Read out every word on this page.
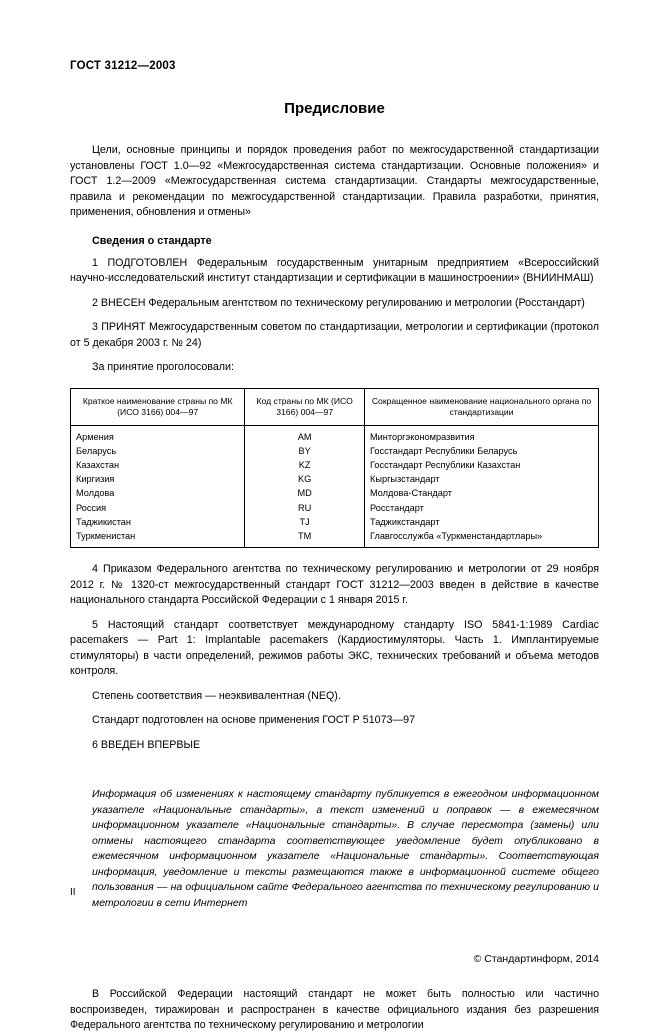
ГОСТ 31212—2003
Предисловие

Цели, основные принципы и порядок проведения работ по межгосударственной стандартизации установлены ГОСТ 1.0—92 «Межгосударственная система стандартизации. Основные положения» и ГОСТ 1.2—2009 «Межгосударственная система стандартизации. Стандарты межгосударственные, правила и рекомендации по межгосударственной стандартизации. Правила разработки, принятия, применения, обновления и отмены»

Сведения о стандарте

1 ПОДГОТОВЛЕН Федеральным государственным унитарным предприятием «Всероссийский научно-исследовательский институт стандартизации и сертификации в машиностроении» (ВНИИНМАШ)

2 ВНЕСЕН Федеральным агентством по техническому регулированию и метрологии (Росстандарт)

3 ПРИНЯТ Межгосударственным советом по стандартизации, метрологии и сертификации (протокол от 5 декабря 2003 г. № 24)

За принятие проголосовали:

Краткое наименование страны по МК (ИСО 3166) 004—97	Код страны по МК (ИСО 3166) 004—97	Сокращенное наименование национального органа по стандартизации
Армения	AM	Минторгэкономразвития
Беларусь	BY	Госстандарт Республики Беларусь
Казахстан	KZ	Госстандарт Республики Казахстан
Киргизия	KG	Кыргызстандарт
Молдова	MD	Молдова-Стандарт
Россия	RU	Росстандарт
Таджикистан	TJ	Таджикстандарт
Туркменистан	TM	Главгосслужба «Туркменстандартлары»

4 Приказом Федерального агентства по техническому регулированию и метрологии от 29 ноября 2012 г. № 1320-ст межгосударственный стандарт ГОСТ 31212—2003 введен в действие в качестве национального стандарта Российской Федерации с 1 января 2015 г.

5 Настоящий стандарт соответствует международному стандарту ISO 5841-1:1989 Cardiac pacemakers — Part 1: Implantable pacemakers (Кардиостимуляторы. Часть 1. Имплантируемые стимуляторы) в части определений, режимов работы ЭКС, технических требований и объема методов контроля.

Степень соответствия — неэквивалентная (NEQ).

Стандарт подготовлен на основе применения ГОСТ Р 51073—97

6 ВВЕДЕН ВПЕРВЫЕ

Информация об изменениях к настоящему стандарту публикуется в ежегодном информационном указателе «Национальные стандарты», а текст изменений и поправок — в ежемесячном информационном указателе «Национальные стандарты». В случае пересмотра (замены) или отмены настоящего стандарта соответствующее уведомление будет опубликовано в ежемесячном информационном указателе «Национальные стандарты». Соответствующая информация, уведомление и тексты размещаются также в информационной системе общего пользования — на официальном сайте Федерального агентства по техническому регулированию и метрологии в сети Интернет
© Стандартинформ, 2014
В Российской Федерации настоящий стандарт не может быть полностью или частично воспроизведен, тиражирован и распространен в качестве официального издания без разрешения Федерального агентства по техническому регулированию и метрологии
II
